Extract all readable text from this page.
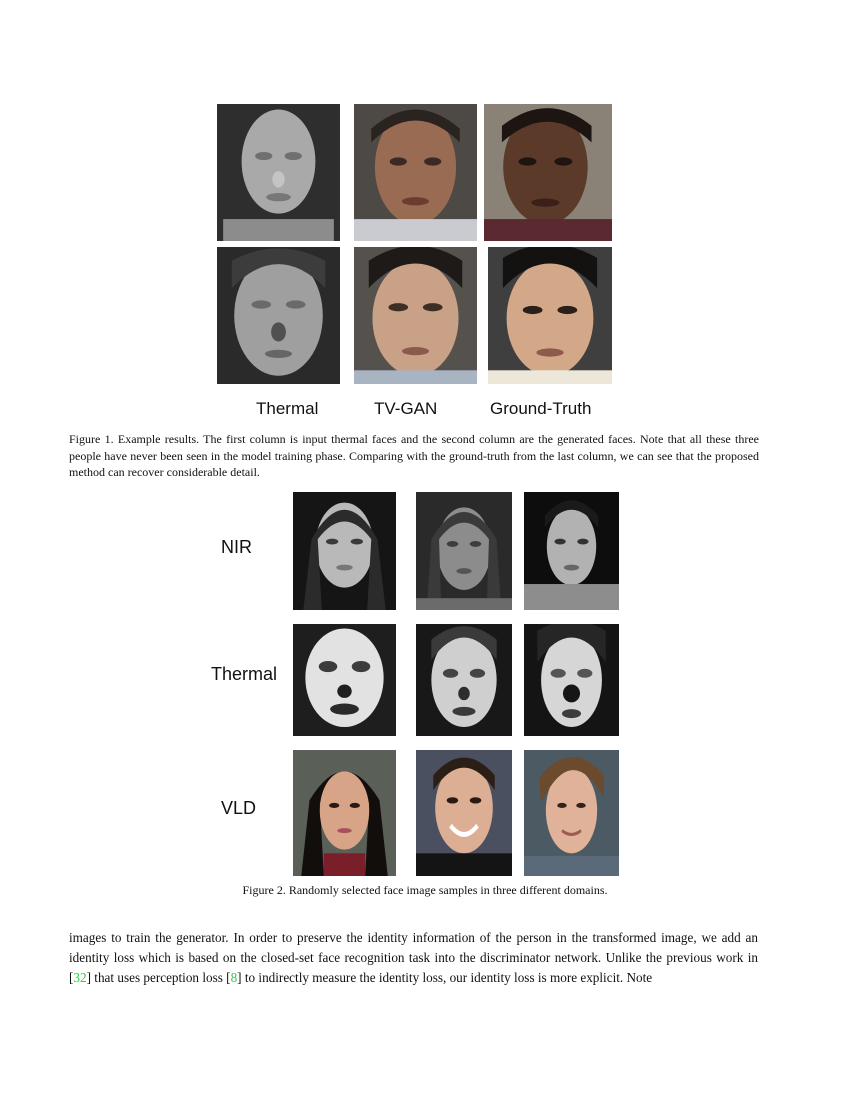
Thermal	TV-GAN	Ground-Truth
Figure 1. Example results. The first column is input thermal faces and the second column are the generated faces. Note that all these three people have never been seen in the model training phase. Comparing with the ground-truth from the last column, we can see that the proposed method can recover considerable detail.
NIR
Thermal
VLD
Figure 2. Randomly selected face image samples in three different domains.
images to train the generator. In order to preserve the identity information of the person in the transformed image, we add an identity loss which is based on the closed-set face recognition task into the discriminator network. Unlike the previous work in [32] that uses perception loss [8] to indirectly measure the identity loss, our identity loss is more explicit. Note
